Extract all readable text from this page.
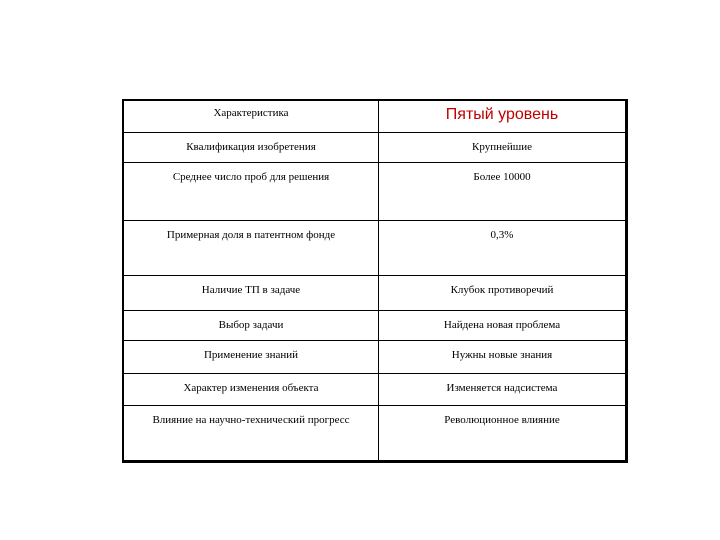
Характеристика	Пятый уровень

Квалификация изобретения	Крупнейшие

Среднее число проб для решения	Более 10000

Примерная доля в патентном фонде	0,3%

Наличие ТП в задаче	Клубок противоречий

Выбор задачи	Найдена новая проблема

Применение знаний	Нужны новые знания

Характер изменения объекта	Изменяется надсистема

Влияние на научно-технический прогресс	Революционное влияние
